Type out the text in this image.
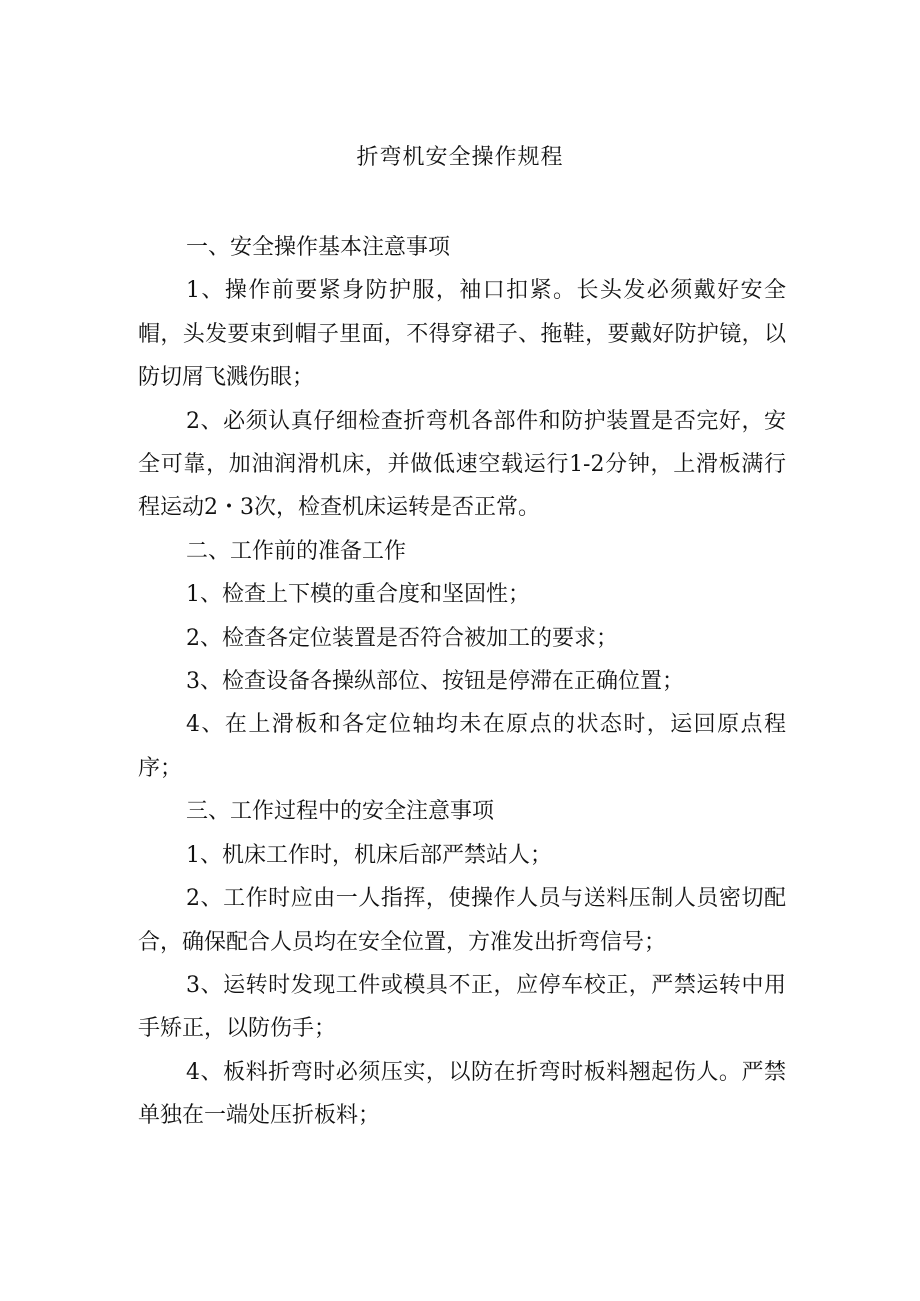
折弯机安全操作规程

一、安全操作基本注意事项

1、操作前要紧身防护服，袖口扣紧。长头发必须戴好安全帽，头发要束到帽子里面，不得穿裙子、拖鞋，要戴好防护镜，以防切屑飞溅伤眼；

2、必须认真仔细检查折弯机各部件和防护装置是否完好，安全可靠，加油润滑机床，并做低速空载运行1-2分钟，上滑板满行程运动2・3次，检查机床运转是否正常。

二、工作前的准备工作

1、检查上下模的重合度和坚固性；

2、检查各定位装置是否符合被加工的要求；

3、检查设备各操纵部位、按钮是停滞在正确位置；

4、在上滑板和各定位轴均未在原点的状态时，运回原点程序；

三、工作过程中的安全注意事项

1、机床工作时，机床后部严禁站人；

2、工作时应由一人指挥，使操作人员与送料压制人员密切配合，确保配合人员均在安全位置，方准发出折弯信号；

3、运转时发现工件或模具不正，应停车校正，严禁运转中用手矫正，以防伤手；

4、板料折弯时必须压实，以防在折弯时板料翘起伤人。严禁单独在一端处压折板料；
